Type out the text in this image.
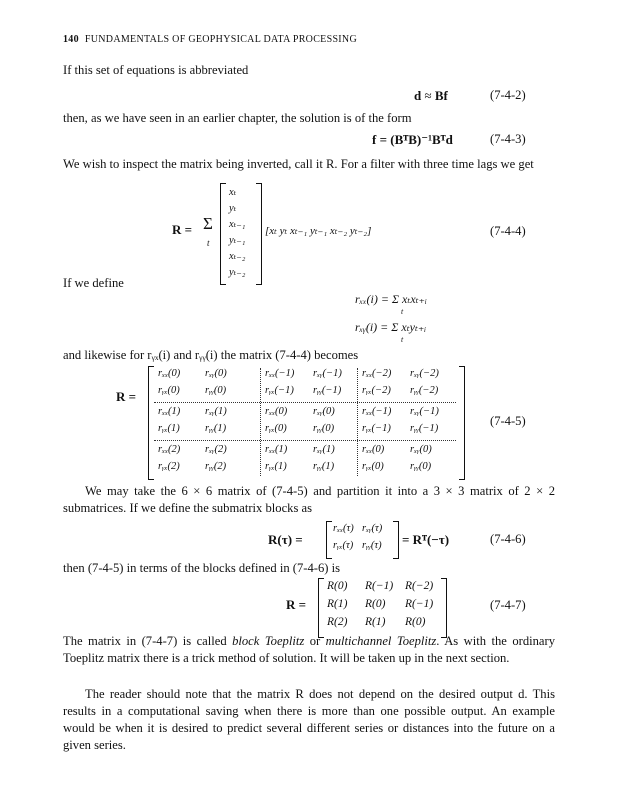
140 FUNDAMENTALS OF GEOPHYSICAL DATA PROCESSING
If this set of equations is abbreviated
d ≈ Bf	(7-4-2)
then, as we have seen in an earlier chapter, the solution is of the form
f = (BᵀB)⁻¹Bᵀd	(7-4-3)
We wish to inspect the matrix being inverted, call it R. For a filter with three time lags we get
R = Σ
t
xₜ
yₜ
xₜ₋₁
yₜ₋₁
xₜ₋₂
yₜ₋₂
[xₜ yₜ xₜ₋₁ yₜ₋₁ xₜ₋₂ yₜ₋₂]	(7-4-4)
If we define
rₓₓ(i) = Σ xₜxₜ₊ᵢ
t
rₓᵧ(i) = Σ xₜyₜ₊ᵢ
t
and likewise for rᵧₓ(i) and rᵧᵧ(i) the matrix (7-4-4) becomes
R =
rₓₓ(0) rₓᵧ(0)	rₓₓ(−1) rₓᵧ(−1) rₓₓ(−2) rₓᵧ(−2)
rᵧₓ(0) rᵧᵧ(0)	rᵧₓ(−1) rᵧᵧ(−1) rᵧₓ(−2) rᵧᵧ(−2)
rₓₓ(1) rₓᵧ(1)	rₓₓ(0) rₓᵧ(0)	rₓₓ(−1) rₓᵧ(−1)
rᵧₓ(1) rᵧᵧ(1)	rᵧₓ(0)	rᵧᵧ(0)	rᵧₓ(−1) rᵧᵧ(−1)
rₓₓ(2) rₓᵧ(2)	rₓₓ(1) rₓᵧ(1)	rₓₓ(0) rₓᵧ(0)
rᵧₓ(2) rᵧᵧ(2)	rᵧₓ(1)	rᵧᵧ(1)	rᵧₓ(0)	rᵧᵧ(0)
(7-4-5)
We may take the 6 × 6 matrix of (7-4-5) and partition it into a 3 × 3 matrix of 2 × 2 submatrices. If we define the submatrix blocks as
R(τ) =
rₓₓ(τ) rₓᵧ(τ)
rᵧₓ(τ) rᵧᵧ(τ) = Rᵀ(−τ)	(7-4-6)
then (7-4-5) in terms of the blocks defined in (7-4-6) is
R =
R(0) R(−1) R(−2)
R(1) R(0) R(−1)
R(2) R(1) R(0)
(7-4-7)
The matrix in (7-4-7) is called block Toeplitz or multichannel Toeplitz. As with the ordinary Toeplitz matrix there is a trick method of solution. It will be taken up in the next section.
The reader should note that the matrix R does not depend on the desired output d. This results in a computational saving when there is more than one possible output. An example would be when it is desired to predict several different series or distances into the future on a given series.
